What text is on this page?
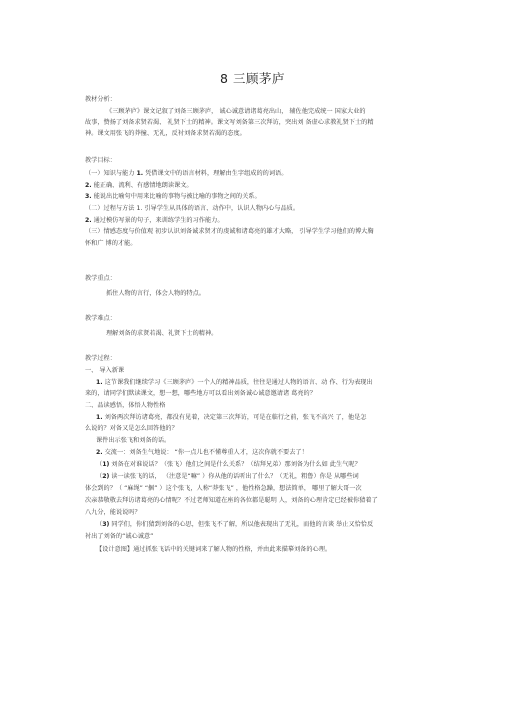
8 三顾茅庐
教材分析：
《三顾茅庐》课文记叙了刘备三顾茅庐， 诚心诚意请诸葛亮出山， 辅佐他完成统一 国家大业的
故事，赞扬了刘备求贤若渴、 礼贤下士的精神。课文写刘备第三次拜访，突出刘 备虚心求教礼贤下士的精
神。课文用张飞的莽撞、无礼，反衬刘备求贤若渴的态度。
教学目标：
（一）知识与能力 1. 凭借课文中的语言材料，理解由生字组成的的词语。
2. 能正确、流利、有感情地朗读课文。
3. 能说出比喻句中用来比喻的事物与被比喻的事物之间的关系。
（二）过程与方法 1. 引导学生从具体的语言、动作中，认识人物内心与品质。
2. 通过模仿写景的句子，来训练学生的习作能力。
（三）情感态度与价值观 初步认识刘备诚求贤才的虔诚和诸葛亮的雄才大略， 引导学生学习他们的博大胸
怀和广 博的才能。
教学重点：
抓住人物的言行，体会人物的特点。
教学难点：
理解刘备的求贤若渴、礼贤下士的精神。
教学过程：
一、 导入新课
1. 这节课我们继续学习《三顾茅庐》一个人的精神品质，往往是通过人物的语言、动 作、行为表现出
来的，请同学们默读课文，想一想，哪些地方可以看出刘备诚心诚意邀请诸 葛亮的？
二、品读感悟，体悟人物性格
1. 刘备两次拜访诸葛亮，都没有见着，决定第三次拜访，可是在临行之前，张飞不高兴 了，他是怎
么说的？对备又是怎么回答他的？
课件出示张飞和刘备的话。
2. 交流一：刘备生气地说： “你一点儿也不懂尊重人才，这次你就不要去了！
（1) 刘备在对谁说话？（张飞）他们之间是什么关系？（结拜兄弟）那刘备为什么如 此生气呢？
（2) 读一读张飞的话， （注意是“嘛” ）你从他的话听出了什么？（无礼，粗鲁）你是 从哪些词
体会到的？（ “麻绳” “捆” ）这个张飞，人称“莽张飞” ，他性格急躁，想法简单， 哪里了解大哥一次
次亲恭敬敬去拜访诸葛亮的心情呢？不过老师知道在座的各位都是聪明 人，刘备的心理肯定已经被你猜着了
八九分，能说说吗？
（3) 同学们，你们猜到刘备的心思，但张飞不了解，所以他表现出了无礼，而他的言谈 举止又恰恰反
衬出了刘备的“诚心诚意”
【设计意图】通过抓张飞话中的关键词来了解人物的性格，并由此来描摹刘备的心理。
